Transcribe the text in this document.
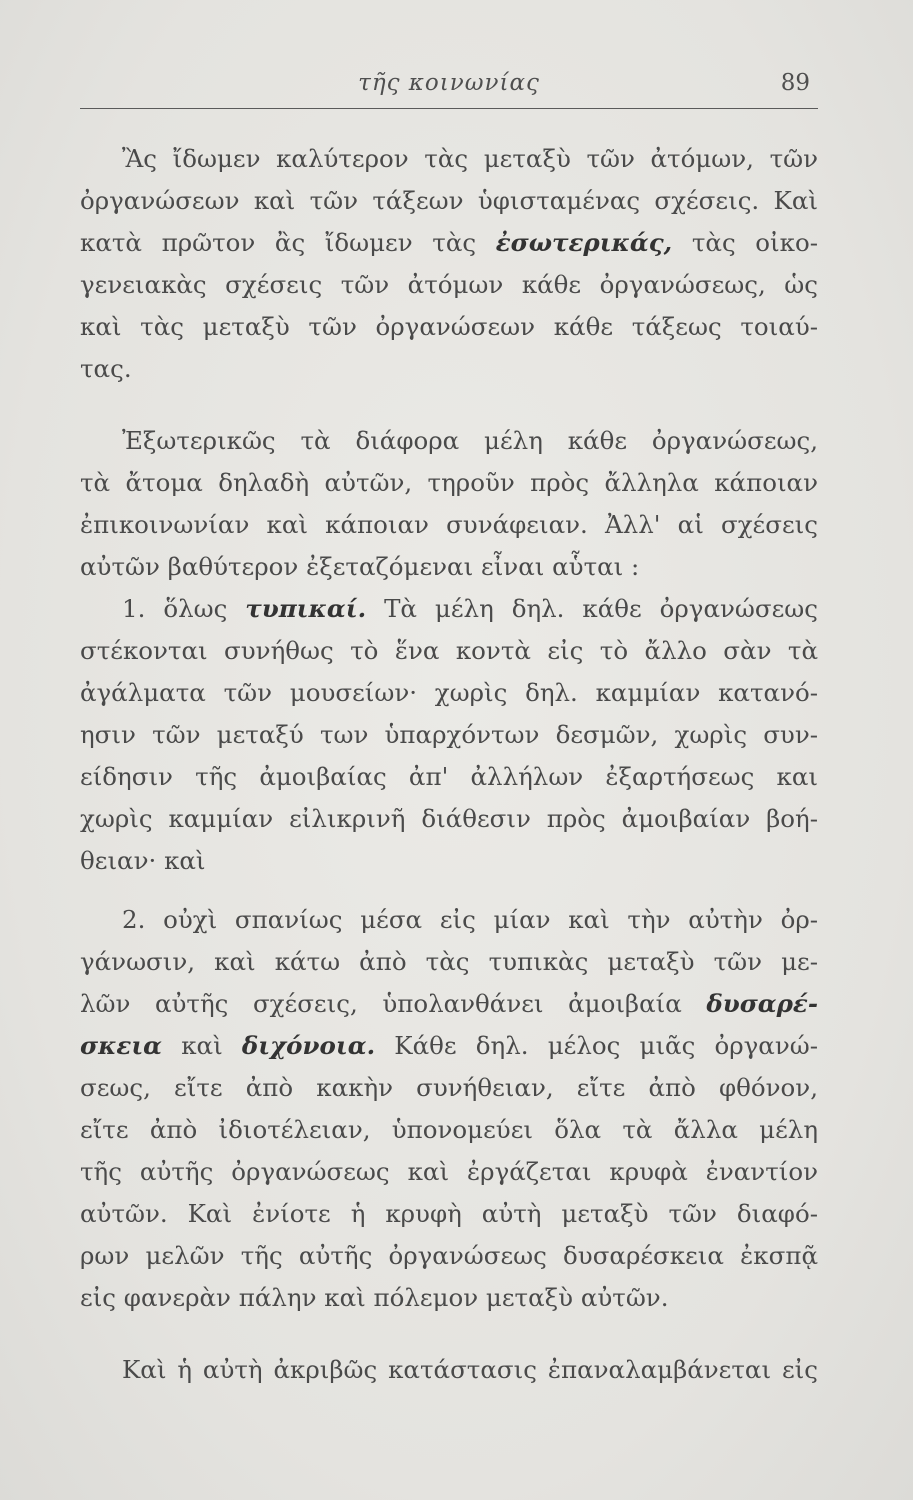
τῆς κοινωνίας	89
Ἂς ἴδωμεν καλύτερον τὰς μεταξὺ τῶν ἀτόμων, τῶν
ὀργανώσεων καὶ τῶν τάξεων ὑφισταμένας σχέσεις. Καὶ
κατὰ πρῶτον ἂς ἴδωμεν τὰς ἐσωτερικάς, τὰς οἰκο-
γενειακὰς σχέσεις τῶν ἀτόμων κάθε ὀργανώσεως, ὡς
καὶ τὰς μεταξὺ τῶν ὀργανώσεων κάθε τάξεως τοιαύ-
τας.
Ἐξωτερικῶς τὰ διάφορα μέλη κάθε ὀργανώσεως,
τὰ ἄτομα δηλαδὴ αὐτῶν, τηροῦν πρὸς ἄλληλα κάποιαν
ἐπικοινωνίαν καὶ κάποιαν συνάφειαν. Ἀλλ' αἱ σχέσεις
αὐτῶν βαθύτερον ἐξεταζόμεναι εἶναι αὗται :
1. ὅλως τυπικαί. Τὰ μέλη δηλ. κάθε ὀργανώσεως
στέκονται συνήθως τὸ ἕνα κοντὰ εἰς τὸ ἄλλο σὰν τὰ
ἀγάλματα τῶν μουσείων· χωρὶς δηλ. καμμίαν κατανό-
ησιν τῶν μεταξύ των ὑπαρχόντων δεσμῶν, χωρὶς συν-
είδησιν τῆς ἀμοιβαίας ἀπ' ἀλλήλων ἐξαρτήσεως και
χωρὶς καμμίαν εἰλικρινῆ διάθεσιν πρὸς ἀμοιβαίαν βοή-
θειαν· καὶ
2. οὐχὶ σπανίως μέσα εἰς μίαν καὶ τὴν αὐτὴν ὀρ-
γάνωσιν, καὶ κάτω ἀπὸ τὰς τυπικὰς μεταξὺ τῶν με-
λῶν αὐτῆς σχέσεις, ὑπολανθάνει ἀμοιβαία δυσαρέ-
σκεια καὶ διχόνοια. Κάθε δηλ. μέλος μιᾶς ὀργανώ-
σεως, εἴτε ἀπὸ κακὴν συνήθειαν, εἴτε ἀπὸ φθόνον,
εἴτε ἀπὸ ἰδιοτέλειαν, ὑπονομεύει ὅλα τὰ ἄλλα μέλη
τῆς αὐτῆς ὀργανώσεως καὶ ἐργάζεται κρυφὰ ἐναντίον
αὐτῶν. Καὶ ἐνίοτε ἡ κρυφὴ αὐτὴ μεταξὺ τῶν διαφό-
ρων μελῶν τῆς αὐτῆς ὀργανώσεως δυσαρέσκεια ἐκσπᾷ
εἰς φανερὰν πάλην καὶ πόλεμον μεταξὺ αὐτῶν.
Καὶ ἡ αὐτὴ ἀκριβῶς κατάστασις ἐπαναλαμβάνεται εἰς
